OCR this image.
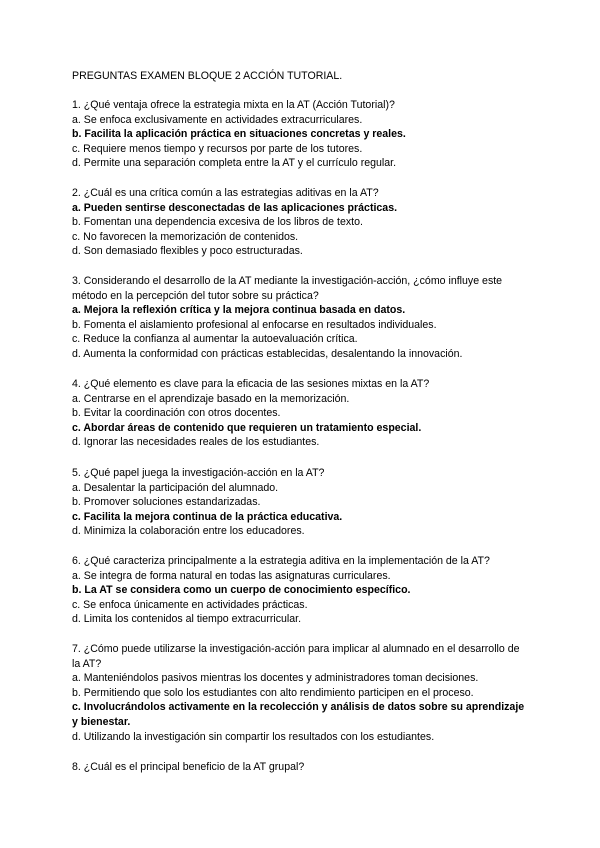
PREGUNTAS EXAMEN BLOQUE 2 ACCIÓN TUTORIAL.
1. ¿Qué ventaja ofrece la estrategia mixta en la AT (Acción Tutorial)?
a. Se enfoca exclusivamente en actividades extracurriculares.
b. Facilita la aplicación práctica en situaciones concretas y reales.
c. Requiere menos tiempo y recursos por parte de los tutores.
d. Permite una separación completa entre la AT y el currículo regular.
2. ¿Cuál es una crítica común a las estrategias aditivas en la AT?
a. Pueden sentirse desconectadas de las aplicaciones prácticas.
b. Fomentan una dependencia excesiva de los libros de texto.
c. No favorecen la memorización de contenidos.
d. Son demasiado flexibles y poco estructuradas.
3. Considerando el desarrollo de la AT mediante la investigación-acción, ¿cómo influye este método en la percepción del tutor sobre su práctica?
a. Mejora la reflexión crítica y la mejora continua basada en datos.
b. Fomenta el aislamiento profesional al enfocarse en resultados individuales.
c. Reduce la confianza al aumentar la autoevaluación crítica.
d. Aumenta la conformidad con prácticas establecidas, desalentando la innovación.
4. ¿Qué elemento es clave para la eficacia de las sesiones mixtas en la AT?
a. Centrarse en el aprendizaje basado en la memorización.
b. Evitar la coordinación con otros docentes.
c. Abordar áreas de contenido que requieren un tratamiento especial.
d. Ignorar las necesidades reales de los estudiantes.
5. ¿Qué papel juega la investigación-acción en la AT?
a. Desalentar la participación del alumnado.
b. Promover soluciones estandarizadas.
c. Facilita la mejora continua de la práctica educativa.
d. Minimiza la colaboración entre los educadores.
6. ¿Qué caracteriza principalmente a la estrategia aditiva en la implementación de la AT?
a. Se integra de forma natural en todas las asignaturas curriculares.
b. La AT se considera como un cuerpo de conocimiento específico.
c. Se enfoca únicamente en actividades prácticas.
d. Limita los contenidos al tiempo extracurricular.
7. ¿Cómo puede utilizarse la investigación-acción para implicar al alumnado en el desarrollo de la AT?
a. Manteniéndolos pasivos mientras los docentes y administradores toman decisiones.
b. Permitiendo que solo los estudiantes con alto rendimiento participen en el proceso.
c. Involucrándolos activamente en la recolección y análisis de datos sobre su aprendizaje y bienestar.
d. Utilizando la investigación sin compartir los resultados con los estudiantes.
8. ¿Cuál es el principal beneficio de la AT grupal?
